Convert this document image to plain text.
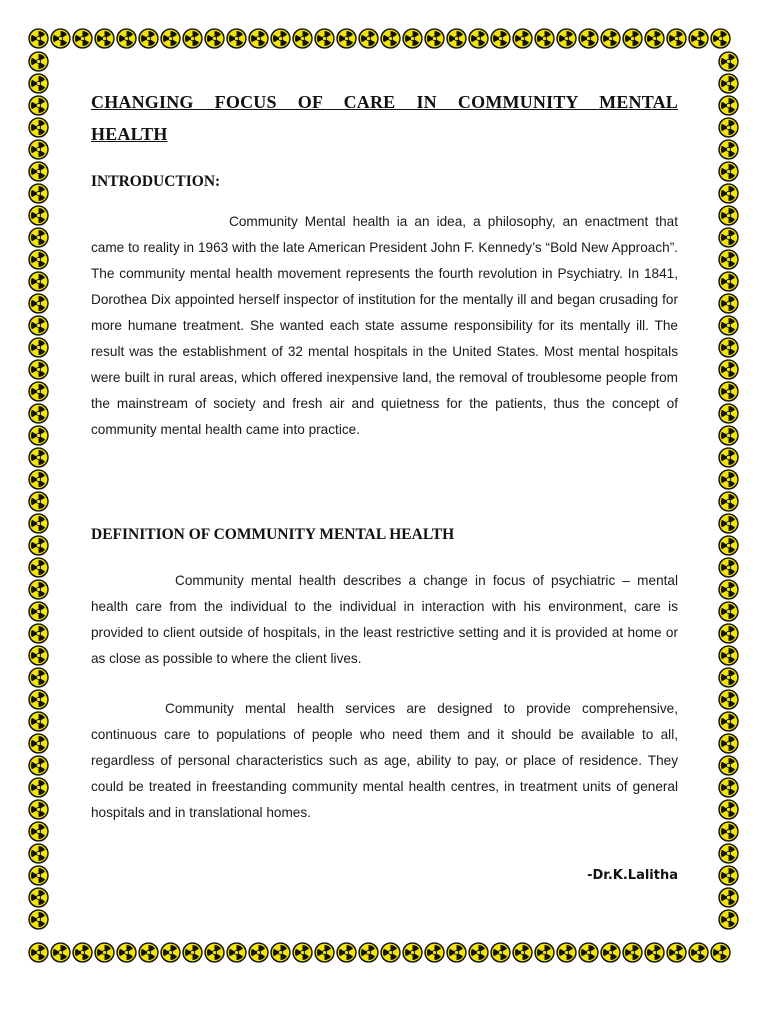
CHANGING FOCUS OF CARE IN COMMUNITY MENTAL
HEALTH
INTRODUCTION:

Community Mental health ia an idea, a philosophy, an enactment that came to reality in 1963 with the late American President John F. Kennedy’s “Bold New Approach”. The community mental health movement represents the fourth revolution in Psychiatry. In 1841, Dorothea Dix appointed herself inspector of institution for the mentally ill and began crusading for more humane treatment. She wanted each state assume responsibility for its mentally ill. The result was the establishment of 32 mental hospitals in the United States. Most mental hospitals were built in rural areas, which offered inexpensive land, the removal of troublesome people from the mainstream of society and fresh air and quietness for the patients, thus the concept of community mental health came into practice.

DEFINITION OF COMMUNITY MENTAL HEALTH

Community mental health describes a change in focus of psychiatric – mental health care from the individual to the individual in interaction with his environment, care is provided to client outside of hospitals, in the least restrictive setting and it is provided at home or as close as possible to where the client lives.

Community mental health services are designed to provide comprehensive, continuous care to populations of people who need them and it should be available to all, regardless of personal characteristics such as age, ability to pay, or place of residence. They could be treated in freestanding community mental health centres, in treatment units of general hospitals and in translational homes.

-Dr.K.Lalitha
